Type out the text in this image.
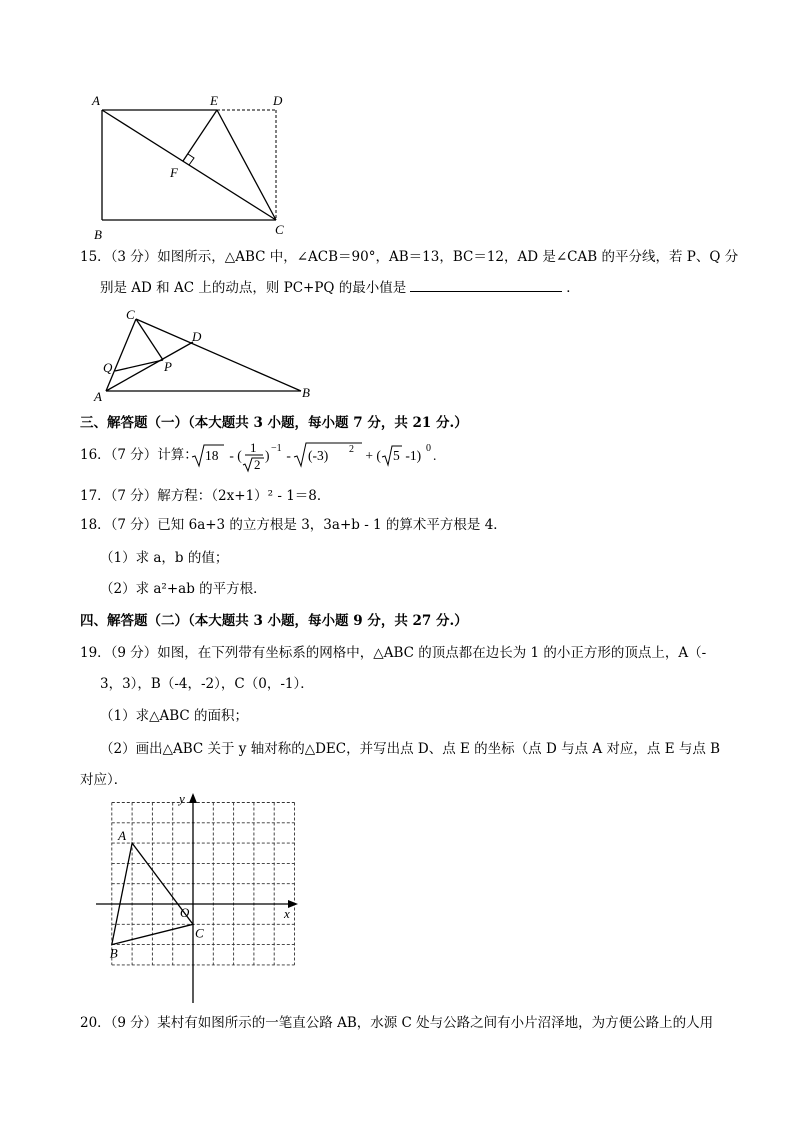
A	E	D
F
B	C
15．（3 分）如图所示，△ABC 中，∠ACB＝90°，AB＝13，BC＝12，AD 是∠CAB 的平分线，若 P、Q 分
别是 AD 和 AC 上的动点，则 PC+PQ 的最小值是	．
C
D
Q	P
A	B
三、解答题（一）（本大题共 3 小题，每小题 7 分，共 21 分.）
16．（7 分）计算： 18 - (
1
2
) −1 - (-3) 2 + ( 5 -1) 0 .
17．（7 分）解方程：（2x+1）² - 1＝8．
18．（7 分）已知 6a+3 的立方根是 3，3a+b - 1 的算术平方根是 4．
（1）求 a，b 的值；
（2）求 a²+ab 的平方根．
四、解答题（二）（本大题共 3 小题，每小题 9 分，共 27 分.）
19．（9 分）如图，在下列带有坐标系的网格中，△ABC 的顶点都在边长为 1 的小正方形的顶点上，A（-
3，3），B（-4，-2），C（0，-1）．
（1）求△ABC 的面积；
（2）画出△ABC 关于 y 轴对称的△DEC，并写出点 D、点 E 的坐标（点 D 与点 A 对应，点 E 与点 B
对应）．
y
x
A
B
C
O
20．（9 分）某村有如图所示的一笔直公路 AB，水源 C 处与公路之间有小片沼泽地，为方便公路上的人用
